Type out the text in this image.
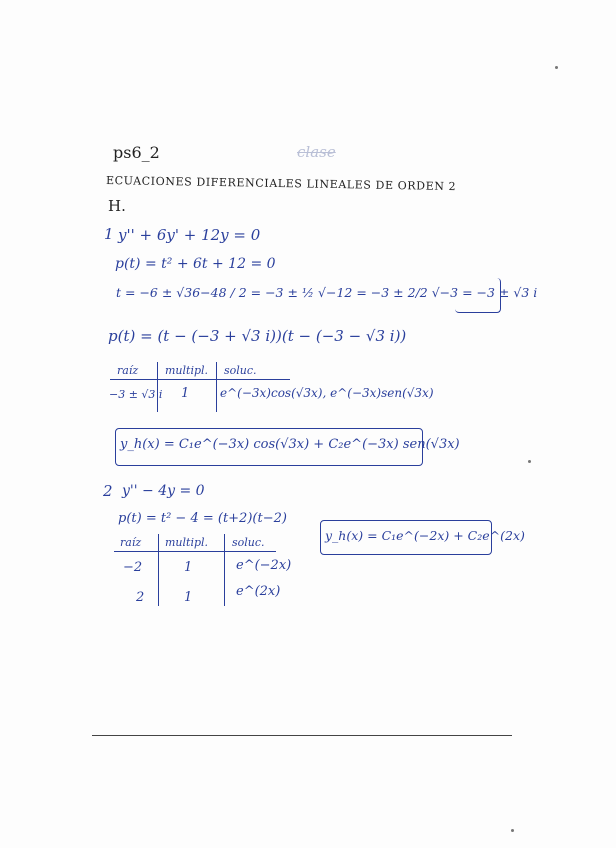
ps6_2	clase
ECUACIONES DIFERENCIALES LINEALES DE ORDEN 2
H.
1 y'' + 6y' + 12y = 0
p(t) = t² + 6t + 12 = 0
t = −6 ± √36−48 / 2 = −3 ± ½ √−12 = −3 ± 2/2 √−3 = −3 ± √3 i
p(t) = (t − (−3 + √3 i))(t − (−3 − √3 i))
raíz multipl. soluc.
−3 ± √3 i 1	e^(−3x)cos(√3x), e^(−3x)sen(√3x)
y_h(x) = C₁e^(−3x) cos(√3x) + C₂e^(−3x) sen(√3x)
2 y'' − 4y = 0
p(t) = t² − 4 = (t+2)(t−2)
raíz multipl. soluc.
−2	1	e^(−2x)
2	1	e^(2x)
y_h(x) = C₁e^(−2x) + C₂e^(2x)
